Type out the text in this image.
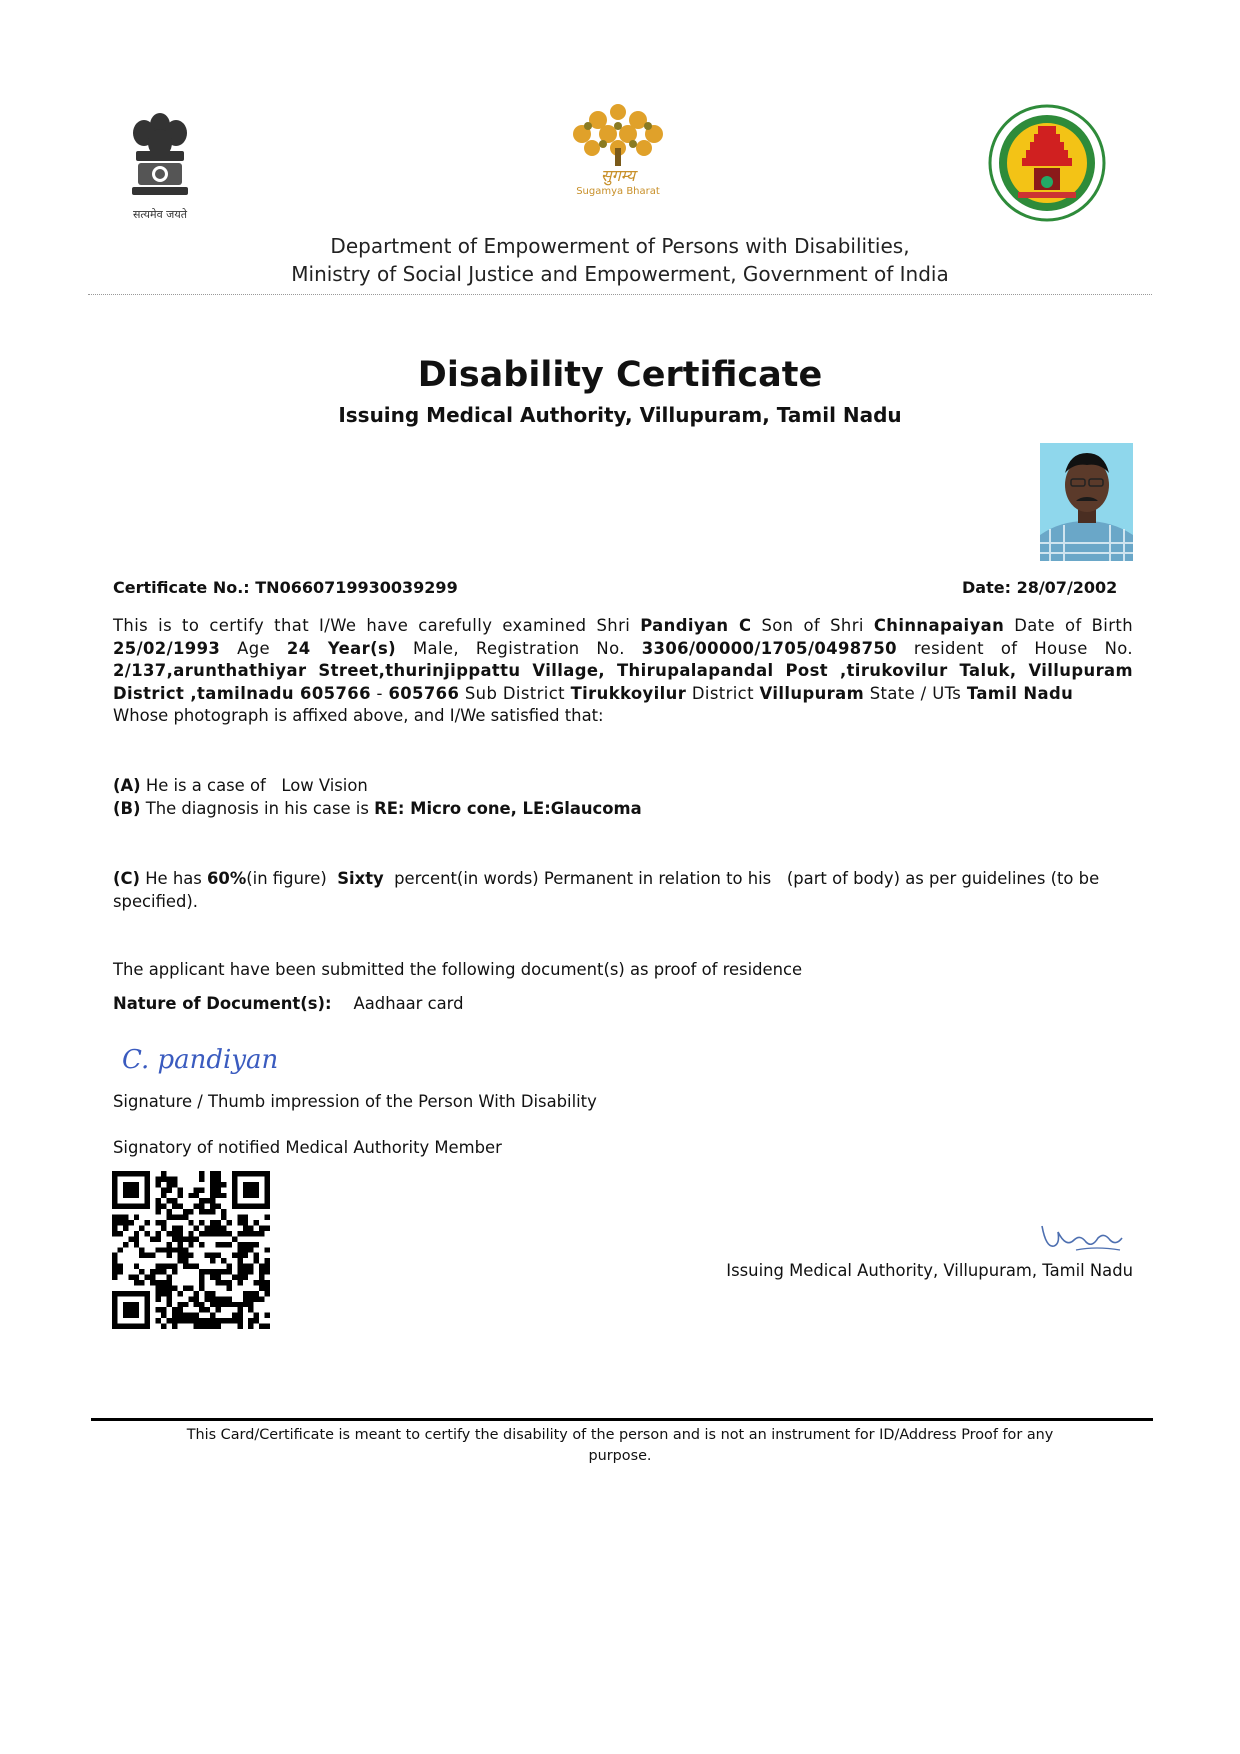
सत्यमेव जयते
सुगम्य
Sugamya Bharat
Department of Empowerment of Persons with Disabilities,
Ministry of Social Justice and Empowerment, Government of India
Disability Certificate
Issuing Medical Authority, Villupuram, Tamil Nadu
Certificate No.: TN0660719930039299	Date: 28/07/2002
This is to certify that I/We have carefully examined Shri Pandiyan C Son of Shri Chinnapaiyan Date of Birth 25/02/1993 Age 24 Year(s) Male, Registration No. 3306/00000/1705/0498750 resident of House No. 2/137,arunthathiyar Street,thurinjippattu Village, Thirupalapandal Post ,tirukovilur Taluk, Villupuram District ,tamilnadu 605766 - 605766 Sub District Tirukkoyilur District Villupuram State / UTs Tamil Nadu
Whose photograph is affixed above, and I/We satisfied that:
(A) He is a case of   Low Vision
(B) The diagnosis in his case is RE: Micro cone, LE:Glaucoma
(C) He has 60%(in figure)  Sixty  percent(in words) Permanent in relation to his   (part of body) as per guidelines (to be specified).
The applicant have been submitted the following document(s) as proof of residence
Nature of Document(s): Aadhaar card
C. pandiyan
Signature / Thumb impression of the Person With Disability
Signatory of notified Medical Authority Member
Issuing Medical Authority, Villupuram, Tamil Nadu
This Card/Certificate is meant to certify the disability of the person and is not an instrument for ID/Address Proof for any
purpose.
